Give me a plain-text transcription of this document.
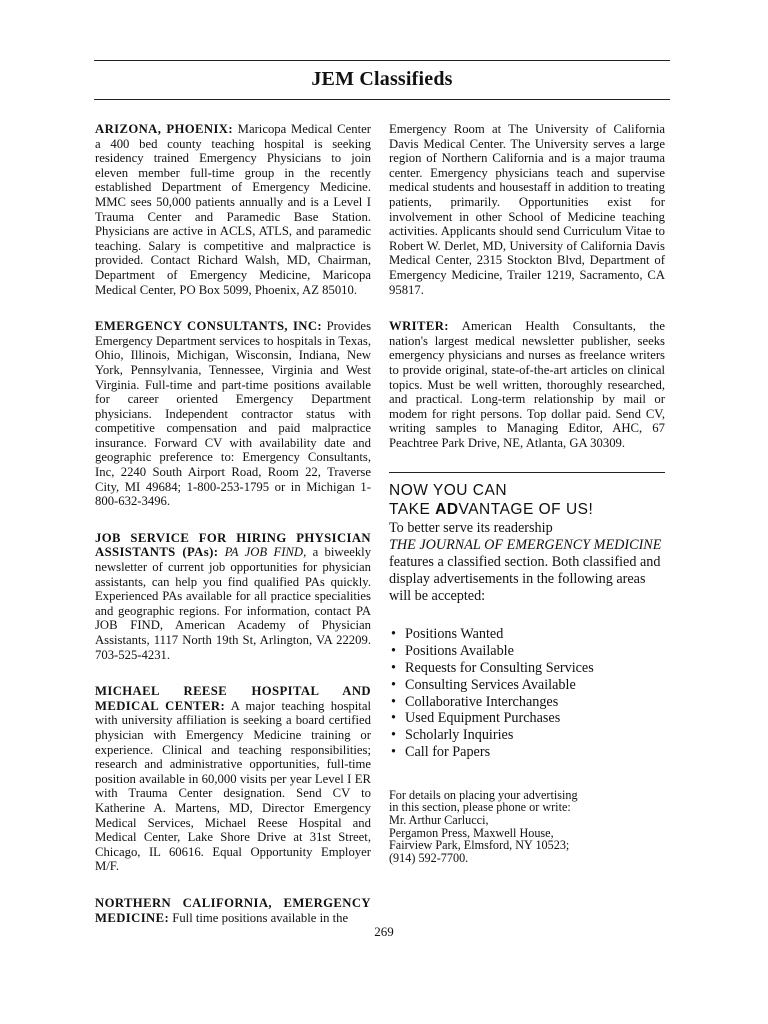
JEM Classifieds

ARIZONA, PHOENIX: Maricopa Medical Center a 400 bed county teaching hospital is seeking residency trained Emergency Physicians to join eleven member full-time group in the recently established Department of Emergency Medicine. MMC sees 50,000 patients annually and is a Level I Trauma Center and Paramedic Base Station. Physicians are active in ACLS, ATLS, and paramedic teaching. Salary is competitive and malpractice is provided. Contact Richard Walsh, MD, Chairman, Department of Emergency Medicine, Maricopa Medical Center, PO Box 5099, Phoenix, AZ 85010.

EMERGENCY CONSULTANTS, INC: Provides Emergency Department services to hospitals in Texas, Ohio, Illinois, Michigan, Wisconsin, Indiana, New York, Pennsylvania, Tennessee, Virginia and West Virginia. Full-time and part-time positions available for career oriented Emergency Department physicians. Independent contractor status with competitive compensation and paid malpractice insurance. Forward CV with availability date and geographic preference to: Emergency Consultants, Inc, 2240 South Airport Road, Room 22, Traverse City, MI 49684; 1-800-253-1795 or in Michigan 1-800-632-3496.

JOB SERVICE FOR HIRING PHYSICIAN ASSISTANTS (PAs): PA JOB FIND, a biweekly newsletter of current job opportunities for physician assistants, can help you find qualified PAs quickly. Experienced PAs available for all practice specialities and geographic regions. For information, contact PA JOB FIND, American Academy of Physician Assistants, 1117 North 19th St, Arlington, VA 22209. 703-525-4231.

MICHAEL REESE HOSPITAL AND MEDICAL CENTER: A major teaching hospital with university affiliation is seeking a board certified physician with Emergency Medicine training or experience. Clinical and teaching responsibilities; research and administrative opportunities, full-time position available in 60,000 visits per year Level I ER with Trauma Center designation. Send CV to Katherine A. Martens, MD, Director Emergency Medical Services, Michael Reese Hospital and Medical Center, Lake Shore Drive at 31st Street, Chicago, IL 60616. Equal Opportunity Employer M/F.

NORTHERN CALIFORNIA, EMERGENCY MEDICINE: Full time positions available in the

Emergency Room at The University of California Davis Medical Center. The University serves a large region of Northern California and is a major trauma center. Emergency physicians teach and supervise medical students and housestaff in addition to treating patients, primarily. Opportunities exist for involvement in other School of Medicine teaching activities. Applicants should send Curriculum Vitae to Robert W. Derlet, MD, University of California Davis Medical Center, 2315 Stockton Blvd, Department of Emergency Medicine, Trailer 1219, Sacramento, CA 95817.

WRITER: American Health Consultants, the nation's largest medical newsletter publisher, seeks emergency physicians and nurses as freelance writers to provide original, state-of-the-art articles on clinical topics. Must be well written, thoroughly researched, and practical. Long-term relationship by mail or modem for right persons. Top dollar paid. Send CV, writing samples to Managing Editor, AHC, 67 Peachtree Park Drive, NE, Atlanta, GA 30309.

NOW YOU CAN
TAKE ADVANTAGE OF US!
To better serve its readership
THE JOURNAL OF EMERGENCY MEDICINE features a classified section. Both classified and display advertisements in the following areas will be accepted:
• Positions Wanted
• Positions Available
• Requests for Consulting Services
• Consulting Services Available
• Collaborative Interchanges
• Used Equipment Purchases
• Scholarly Inquiries
• Call for Papers
For details on placing your advertising
in this section, please phone or write:
Mr. Arthur Carlucci,
Pergamon Press, Maxwell House,
Fairview Park, Elmsford, NY 10523;
(914) 592-7700.
269
